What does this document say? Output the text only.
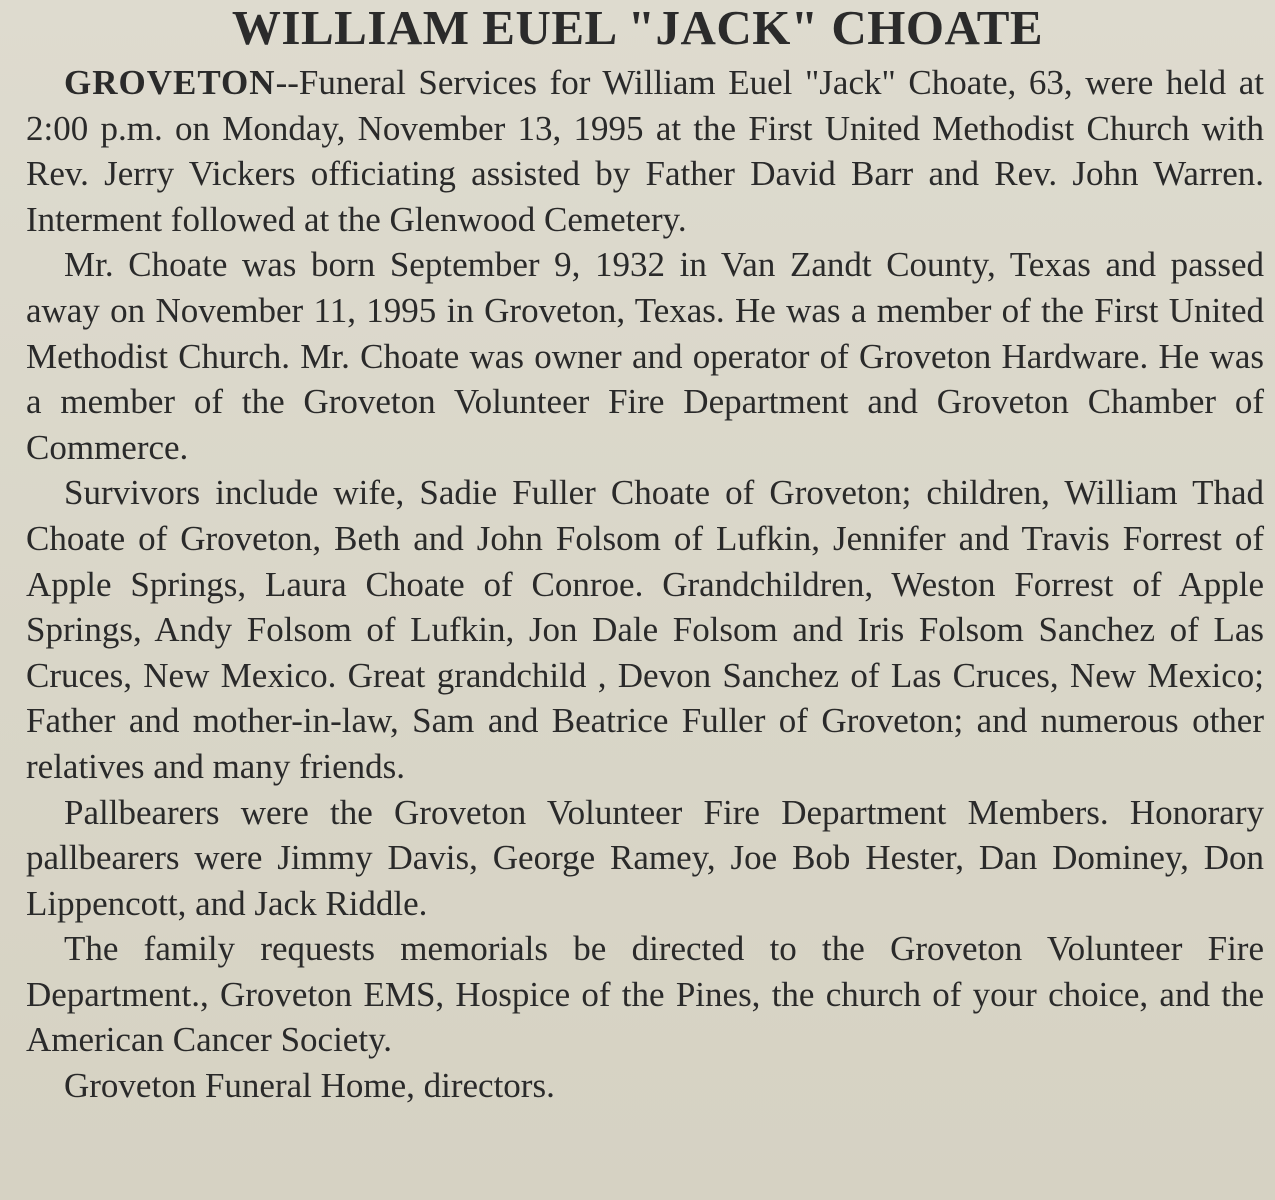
WILLIAM EUEL "JACK" CHOATE

GROVETON--Funeral Services for William Euel "Jack" Choate, 63, were held at 2:00 p.m. on Monday, November 13, 1995 at the First United Methodist Church with Rev. Jerry Vickers officiating assisted by Father David Barr and Rev. John Warren. Interment followed at the Glenwood Cemetery.

Mr. Choate was born September 9, 1932 in Van Zandt County, Texas and passed away on November 11, 1995 in Groveton, Texas. He was a member of the First United Methodist Church. Mr. Choate was owner and operator of Groveton Hardware. He was a member of the Groveton Volunteer Fire Department and Groveton Chamber of Commerce.

Survivors include wife, Sadie Fuller Choate of Groveton; children, William Thad Choate of Groveton, Beth and John Folsom of Lufkin, Jennifer and Travis Forrest of Apple Springs, Laura Choate of Conroe. Grandchildren, Weston Forrest of Apple Springs, Andy Folsom of Lufkin, Jon Dale Folsom and Iris Folsom Sanchez of Las Cruces, New Mexico. Great grandchild , Devon Sanchez of Las Cruces, New Mexico; Father and mother-in-law, Sam and Beatrice Fuller of Groveton; and numerous other relatives and many friends.

Pallbearers were the Groveton Volunteer Fire Department Members. Honorary pallbearers were Jimmy Davis, George Ramey, Joe Bob Hester, Dan Dominey, Don Lippencott, and Jack Riddle.

The family requests memorials be directed to the Groveton Volunteer Fire Department., Groveton EMS, Hospice of the Pines, the church of your choice, and the American Cancer Society.

Groveton Funeral Home, directors.
